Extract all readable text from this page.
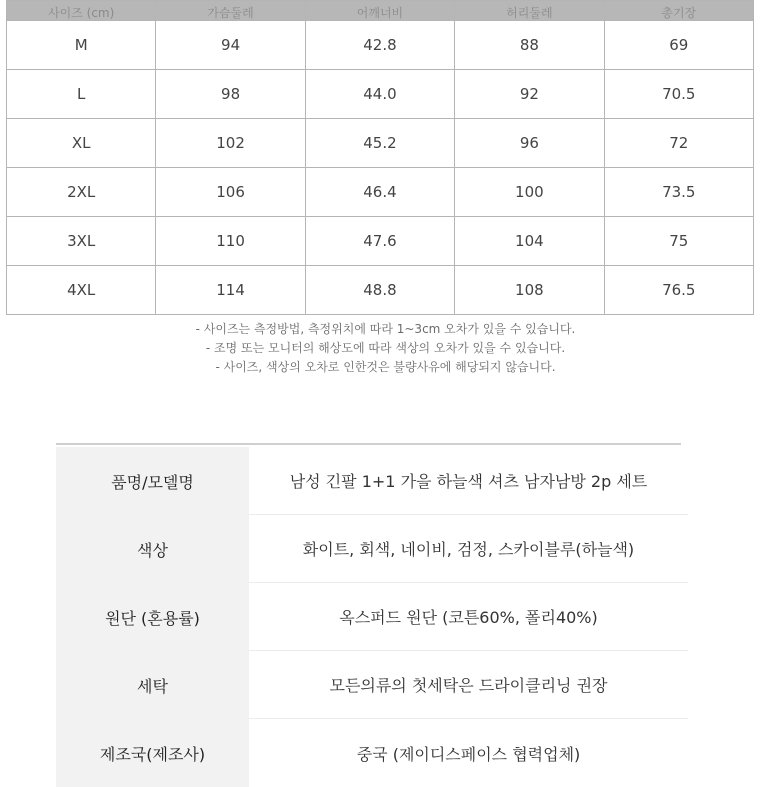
사이즈 (cm)	가슴둘레	어깨너비	허리둘레	총기장
M	94	42.8	88	69
L	98	44.0	92	70.5
XL	102	45.2	96	72
2XL	106	46.4	100	73.5
3XL	110	47.6	104	75
4XL	114	48.8	108	76.5
- 사이즈는 측정방법, 측정위치에 따라 1~3cm 오차가 있을 수 있습니다.
- 조명 또는 모니터의 해상도에 따라 색상의 오차가 있을 수 있습니다.
- 사이즈, 색상의 오차로 인한것은 불량사유에 해당되지 않습니다.
품명/모델명	남성 긴팔 1+1 가을 하늘색 셔츠 남자남방 2p 세트
색상	화이트, 회색, 네이비, 검정, 스카이블루(하늘색)
원단 (혼용률)	옥스퍼드 원단 (코튼60%, 폴리40%)
세탁	모든의류의 첫세탁은 드라이클리닝 권장
제조국(제조사)	중국 (제이디스페이스 협력업체)
